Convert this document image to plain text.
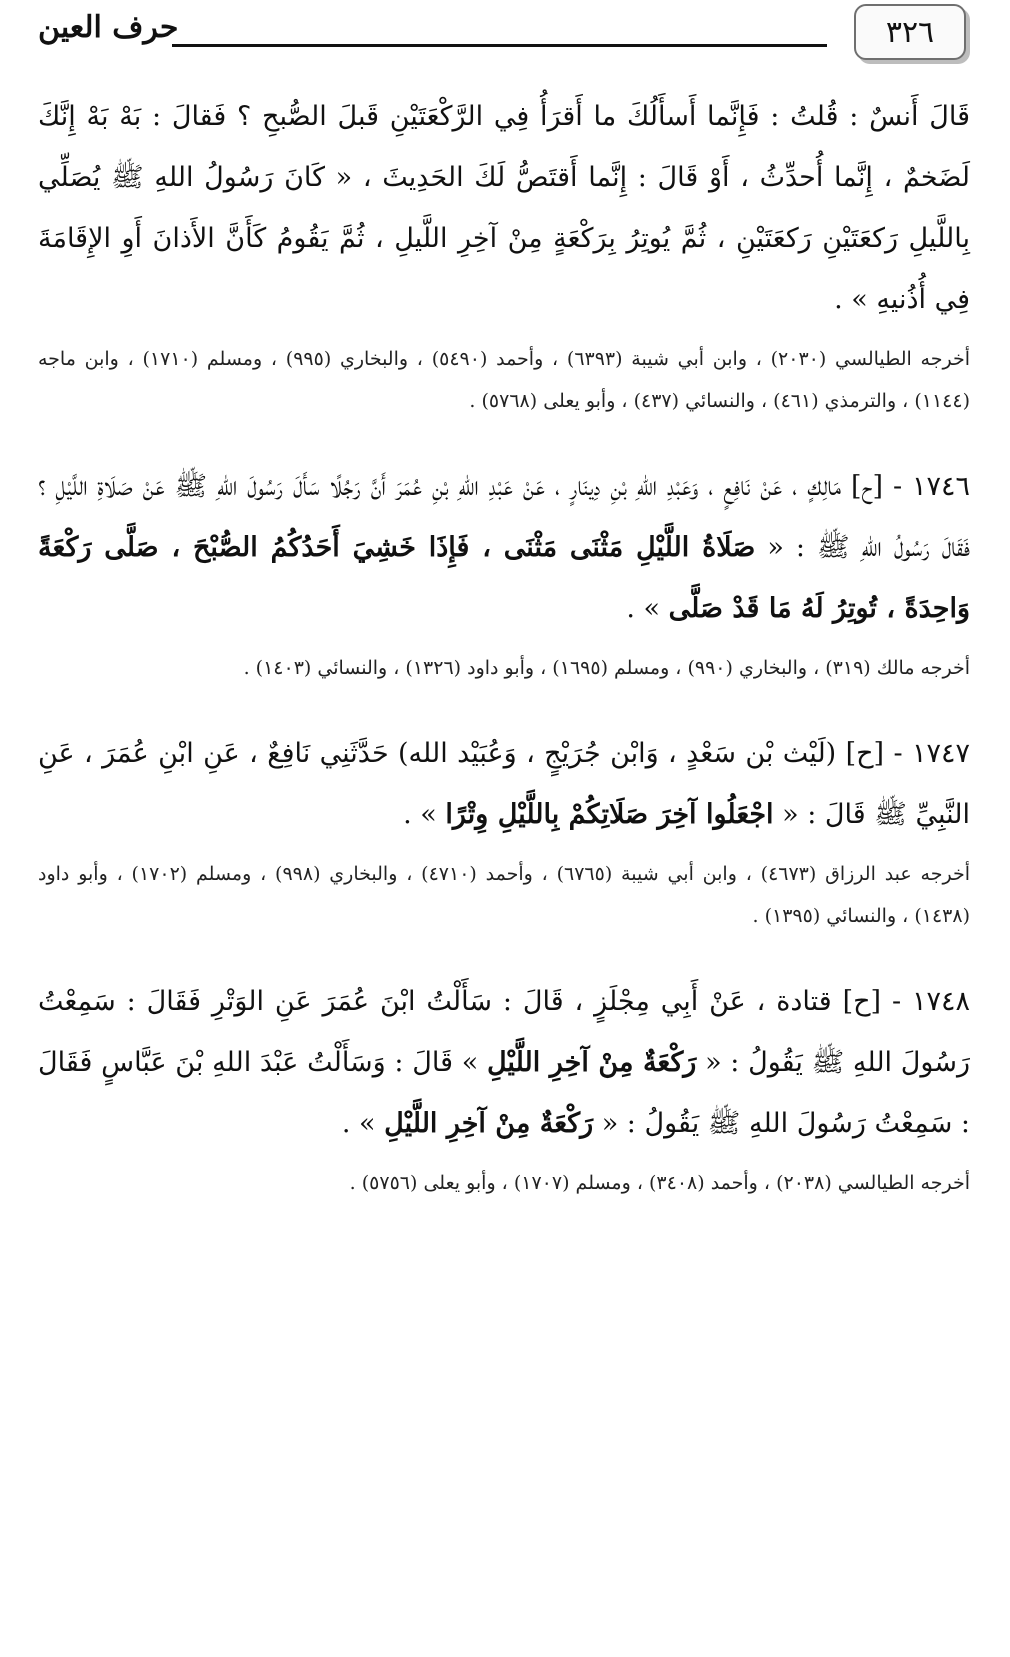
٣٢٦
حرف العين

قَالَ أَنسٌ : قُلتُ : فَإِنَّما أَسأَلُكَ ما أَقرَأُ فِي الرَّكْعَتَيْنِ قَبلَ الصُّبحِ ؟ فَقالَ : بَهْ بَهْ إِنَّكَ لَضَخمٌ ، إِنَّما أُحدِّثُ ، أَوْ قَالَ : إِنَّما أَقتَصُّ لَكَ الحَدِيثَ ، « كَانَ رَسُولُ اللهِ ﷺ يُصَلِّي بِاللَّيلِ رَكعَتَيْنِ رَكعَتَيْنِ ، ثُمَّ يُوتِرُ بِرَكْعَةٍ مِنْ آخِرِ اللَّيلِ ، ثُمَّ يَقُومُ كَأَنَّ الأَذانَ أَوِ الإِقَامَةَ فِي أُذُنيهِ » .

أخرجه الطيالسي (٢٠٣٠) ، وابن أبي شيبة (٦٣٩٣) ، وأحمد (٥٤٩٠) ، والبخاري (٩٩٥) ، ومسلم (١٧١٠) ، وابن ماجه (١١٤٤) ، والترمذي (٤٦١) ، والنسائي (٤٣٧) ، وأبو يعلى (٥٧٦٨) .

١٧٤٦ - [ح] مَالِكٍ ، عَنْ نَافِعٍ ، وَعَبْدِ اللهِ بْنِ دِينَارٍ ، عَنْ عَبْدِ اللهِ بْنِ عُمَرَ أَنَّ رَجُلًا سَأَلَ رَسُولَ اللهِ ﷺ عَنْ صَلَاةِ اللَّيْلِ ؟ فَقَالَ رَسُولُ اللهِ ﷺ : « صَلَاةُ اللَّيْلِ مَثْنَى مَثْنَى ، فَإِذَا خَشِيَ أَحَدُكُمُ الصُّبْحَ ، صَلَّى رَكْعَةً وَاحِدَةً ، تُوتِرُ لَهُ مَا قَدْ صَلَّى » .

أخرجه مالك (٣١٩) ، والبخاري (٩٩٠) ، ومسلم (١٦٩٥) ، وأبو داود (١٣٢٦) ، والنسائي (١٤٠٣) .

١٧٤٧ - [ح] (لَيْث بْن سَعْدٍ ، وَابْن جُرَيْجٍ ، وَعُبَيْد الله) حَدَّثَنِي نَافِعٌ ، عَنِ ابْنِ عُمَرَ ، عَنِ النَّبِيِّ ﷺ قَالَ : « اجْعَلُوا آخِرَ صَلَاتِكُمْ بِاللَّيْلِ وِتْرًا » .

أخرجه عبد الرزاق (٤٦٧٣) ، وابن أبي شيبة (٦٧٦٥) ، وأحمد (٤٧١٠) ، والبخاري (٩٩٨) ، ومسلم (١٧٠٢) ، وأبو داود (١٤٣٨) ، والنسائي (١٣٩٥) .

١٧٤٨ - [ح] قتادة ، عَنْ أَبِي مِجْلَزٍ ، قَالَ : سَأَلْتُ ابْنَ عُمَرَ عَنِ الوَتْرِ فَقَالَ : سَمِعْتُ رَسُولَ اللهِ ﷺ يَقُولُ : « رَكْعَةٌ مِنْ آخِرِ اللَّيْلِ » قَالَ : وَسَأَلْتُ عَبْدَ اللهِ بْنَ عَبَّاسٍ فَقَالَ : سَمِعْتُ رَسُولَ اللهِ ﷺ يَقُولُ : « رَكْعَةٌ مِنْ آخِرِ اللَّيْلِ » .

أخرجه الطيالسي (٢٠٣٨) ، وأحمد (٣٤٠٨) ، ومسلم (١٧٠٧) ، وأبو يعلى (٥٧٥٦) .
